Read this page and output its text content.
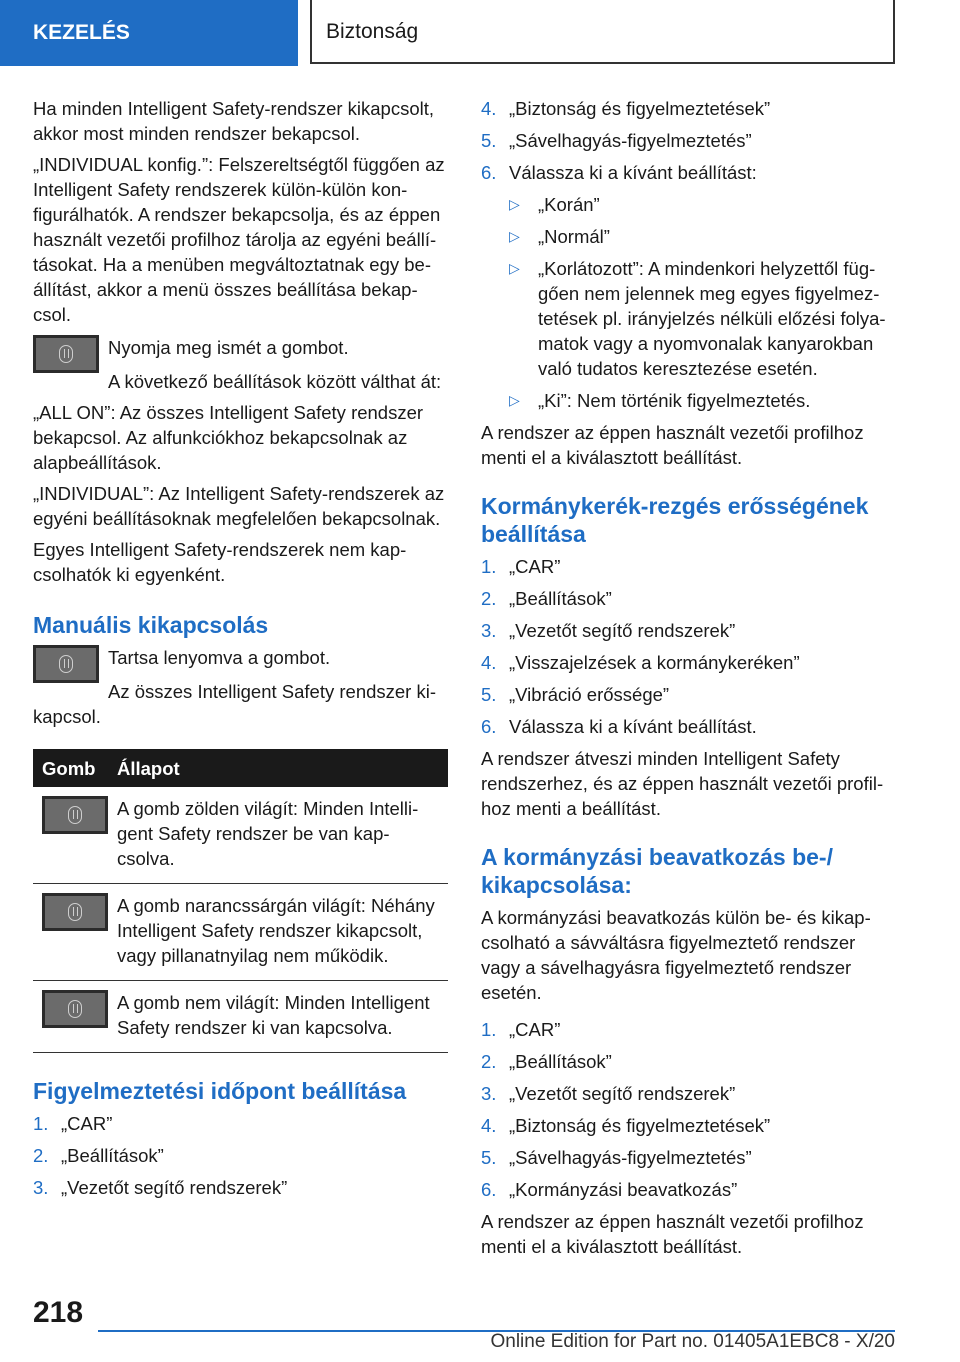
KEZELÉS	Biztonság

Ha minden Intelligent Safety-rendszer kikapcsolt, akkor most minden rendszer bekapcsol.

„INDIVIDUAL konfig.”: Felszereltségtől függően az Intelligent Safety rendszerek külön-külön konfigurálhatók. A rendszer bekapcsolja, és az éppen használt vezetői profilhoz tárolja az egyéni beállításokat. Ha a menüben megváltoztatnak egy beállítást, akkor a menü összes beállítása bekapcsol.

Nyomja meg ismét a gombot.

A következő beállítások között válthat át:

„ALL ON”: Az összes Intelligent Safety rendszer bekapcsol. Az alfunkciókhoz bekapcsolnak az alapbeállítások.

„INDIVIDUAL”: Az Intelligent Safety-rendszerek az egyéni beállításoknak megfelelően bekapcsolnak.

Egyes Intelligent Safety-rendszerek nem kapcsolhatók ki egyenként.

Manuális kikapcsolás

Tartsa lenyomva a gombot.

Az összes Intelligent Safety rendszer kikapcsol.

Gomb	Állapot

	A gomb zölden világít: Minden Intelligent Safety rendszer be van kapcsolva.

	A gomb narancssárgán világít: Néhány Intelligent Safety rendszer kikapcsolt, vagy pillanatnyilag nem működik.

	A gomb nem világít: Minden Intelligent Safety rendszer ki van kapcsolva.
Figyelmeztetési időpont beállítása
1. „CAR”
2. „Beállítások”
3. „Vezetőt segítő rendszerek”
4. „Biztonság és figyelmeztetések”
5. „Sávelhagyás-figyelmeztetés”
6. Válassza ki a kívánt beállítást:
▷ „Korán”
▷ „Normál”
▷ „Korlátozott”: A mindenkori helyzettől függően nem jelennek meg egyes figyelmeztetések pl. irányjelzés nélküli előzési folyamatok vagy a nyomvonalak kanyarokban való tudatos keresztezése esetén.
▷ „Ki”: Nem történik figyelmeztetés.

A rendszer az éppen használt vezetői profilhoz menti el a kiválasztott beállítást.

Kormánykerék-rezgés erősségének beállítása
1. „CAR”
2. „Beállítások”
3. „Vezetőt segítő rendszerek”
4. „Visszajelzések a kormánykeréken”
5. „Vibráció erőssége”
6. Válassza ki a kívánt beállítást.

A rendszer átveszi minden Intelligent Safety rendszerhez, és az éppen használt vezetői profilhoz menti a beállítást.

A kormányzási beavatkozás be-/ kikapcsolása:

A kormányzási beavatkozás külön be- és kikapcsolható a sávváltásra figyelmeztető rendszer vagy a sávelhagyásra figyelmeztető rendszer esetén.

1. „CAR”
2. „Beállítások”
3. „Vezetőt segítő rendszerek”
4. „Biztonság és figyelmeztetések”
5. „Sávelhagyás-figyelmeztetés”
6. „Kormányzási beavatkozás”

A rendszer az éppen használt vezetői profilhoz menti el a kiválasztott beállítást.

218
Online Edition for Part no. 01405A1EBC8 - X/20
